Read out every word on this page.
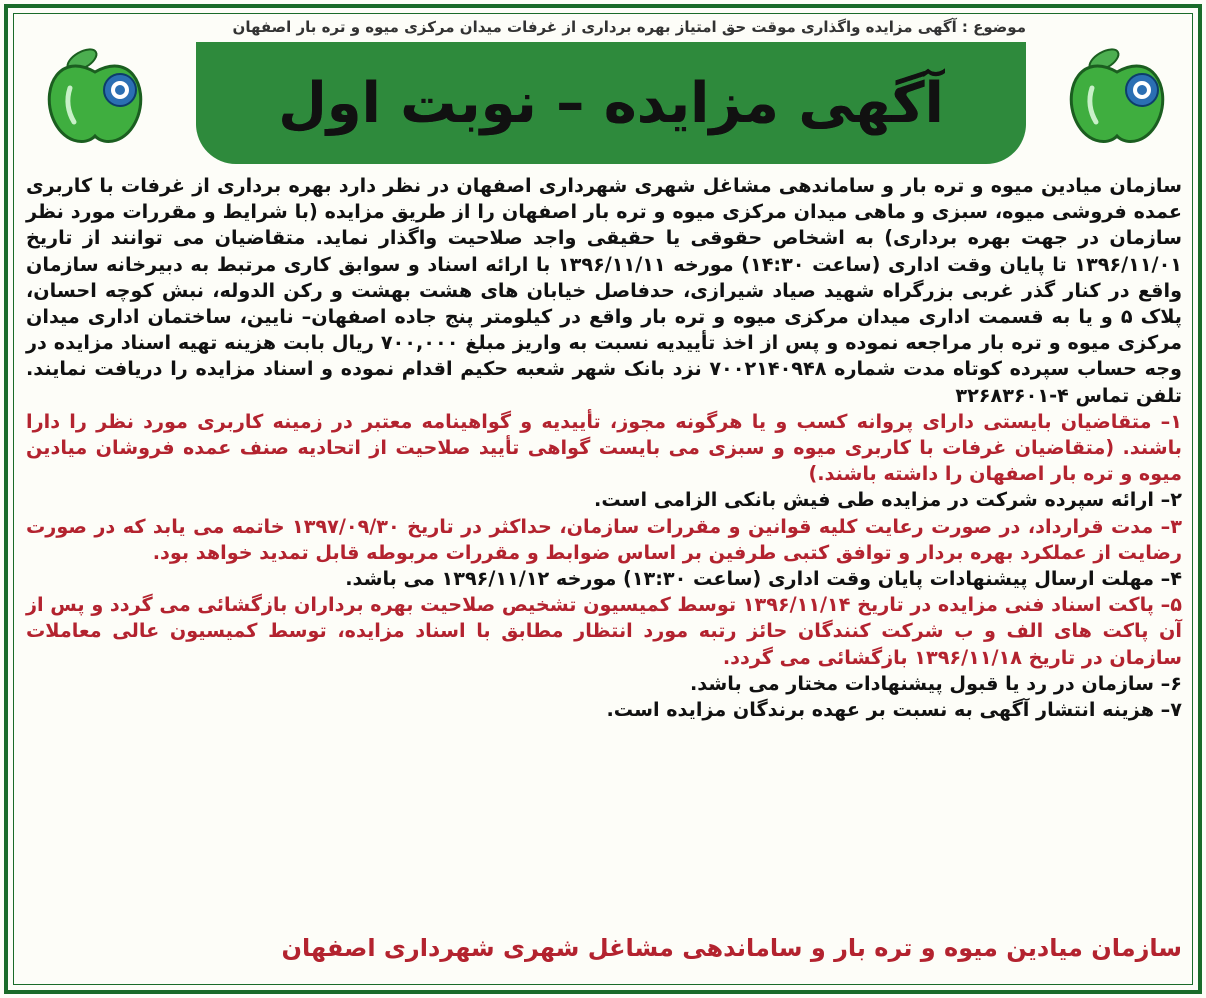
موضوع : آگهی مزایده واگذاری موقت حق امتیاز بهره برداری از غرفات میدان مرکزی میوه و تره بار اصفهان
آگهی مزایده – نوبت اول

سازمان میادین میوه و تره بار و ساماندهی مشاغل شهری شهرداری اصفهان در نظر دارد بهره برداری از غرفات با کاربری عمده فروشی میوه، سبزی و ماهی میدان مرکزی میوه و تره بار اصفهان را از طریق مزایده (با شرایط و مقررات مورد نظر سازمان در جهت بهره برداری) به اشخاص حقوقی یا حقیقی واجد صلاحیت واگذار نماید. متقاضیان می توانند از تاریخ ۱۳۹۶/۱۱/۰۱ تا پایان وقت اداری (ساعت ۱۴:۳۰) مورخه ۱۳۹۶/۱۱/۱۱ با ارائه اسناد و سوابق کاری مرتبط به دبیرخانه سازمان واقع در کنار گذر غربی بزرگراه شهید صیاد شیرازی، حدفاصل خیابان های هشت بهشت و رکن الدوله، نبش کوچه احسان، پلاک ۵ و یا به قسمت اداری میدان مرکزی میوه و تره بار واقع در کیلومتر پنج جاده اصفهان– نایین، ساختمان اداری میدان مرکزی میوه و تره بار مراجعه نموده و پس از اخذ تأییدیه نسبت به واریز مبلغ ۷۰۰,۰۰۰ ریال بابت هزینه تهیه اسناد مزایده در وجه حساب سپرده کوتاه مدت شماره ۷۰۰۲۱۴۰۹۴۸ نزد بانک شهر شعبه حکیم اقدام نموده و اسناد مزایده را دریافت نمایند. تلفن تماس ۴-۳۲۶۸۳۶۰۱

۱– متقاضیان بایستی دارای پروانه کسب و یا هرگونه مجوز، تأییدیه و گواهینامه معتبر در زمینه کاربری مورد نظر را دارا باشند. (متقاضیان غرفات با کاربری میوه و سبزی می بایست گواهی تأیید صلاحیت از اتحادیه صنف عمده فروشان میادین میوه و تره بار اصفهان را داشته باشند.)

۲– ارائه سپرده شرکت در مزایده طی فیش بانکی الزامی است.

۳– مدت قرارداد، در صورت رعایت کلیه قوانین و مقررات سازمان، حداکثر در تاریخ ۱۳۹۷/۰۹/۳۰ خاتمه می یابد که در صورت رضایت از عملکرد بهره بردار و توافق کتبی طرفین بر اساس ضوابط و مقررات مربوطه قابل تمدید خواهد بود.

۴– مهلت ارسال پیشنهادات پایان وقت اداری (ساعت ۱۳:۳۰) مورخه ۱۳۹۶/۱۱/۱۲ می باشد.

۵– پاکت اسناد فنی مزایده در تاریخ ۱۳۹۶/۱۱/۱۴ توسط کمیسیون تشخیص صلاحیت بهره برداران بازگشائی می گردد و پس از آن پاکت های الف و ب شرکت کنندگان حائز رتبه مورد انتظار مطابق با اسناد مزایده، توسط کمیسیون عالی معاملات سازمان در تاریخ ۱۳۹۶/۱۱/۱۸ بازگشائی می گردد.

۶– سازمان در رد یا قبول پیشنهادات مختار می باشد.

۷– هزینه انتشار آگهی به نسبت بر عهده برندگان مزایده است.

سازمان میادین میوه و تره بار و ساماندهی مشاغل شهری شهرداری اصفهان
